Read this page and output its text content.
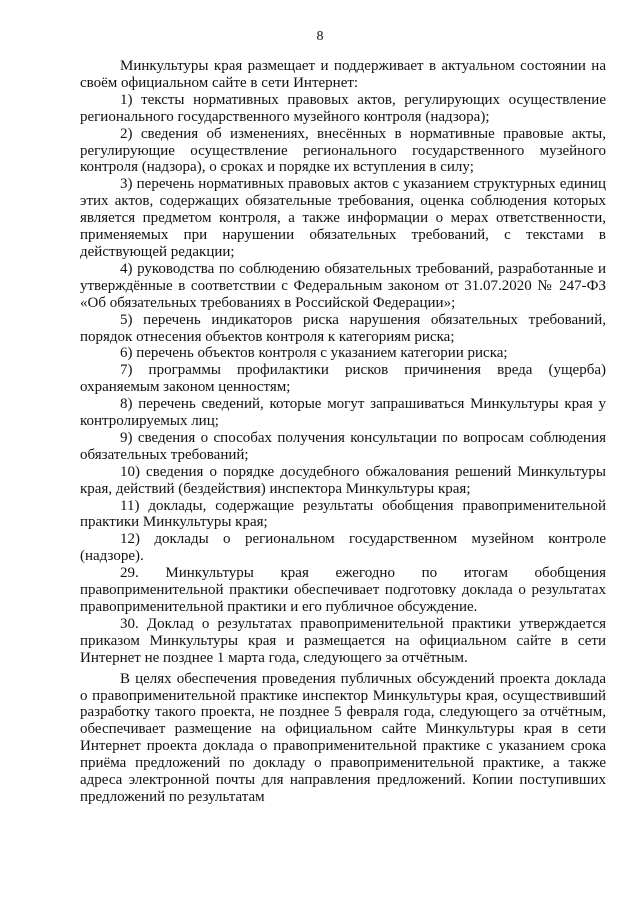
8

Минкультуры края размещает и поддерживает в актуальном состоянии на своём официальном сайте в сети Интернет:

1) тексты нормативных правовых актов, регулирующих осуществление регионального государственного музейного контроля (надзора);

2) сведения об изменениях, внесённых в нормативные правовые акты, регулирующие осуществление регионального государственного музейного контроля (надзора), о сроках и порядке их вступления в силу;

3) перечень нормативных правовых актов с указанием структурных единиц этих актов, содержащих обязательные требования, оценка соблюдения которых является предметом контроля, а также информации о мерах ответственности, применяемых при нарушении обязательных требований, с текстами в действующей редакции;

4) руководства по соблюдению обязательных требований, разработанные и утверждённые в соответствии с Федеральным законом от 31.07.2020 № 247-ФЗ «Об обязательных требованиях в Российской Федерации»;

5) перечень индикаторов риска нарушения обязательных требований, порядок отнесения объектов контроля к категориям риска;

6) перечень объектов контроля с указанием категории риска;

7) программы профилактики рисков причинения вреда (ущерба) охраняемым законом ценностям;

8) перечень сведений, которые могут запрашиваться Минкультуры края у контролируемых лиц;

9) сведения о способах получения консультации по вопросам соблюдения обязательных требований;

10) сведения о порядке досудебного обжалования решений Минкультуры края, действий (бездействия) инспектора Минкультуры края;

11) доклады, содержащие результаты обобщения правоприменительной практики Минкультуры края;

12) доклады о региональном государственном музейном контроле (надзоре).

29. Минкультуры края ежегодно по итогам обобщения правоприменительной практики обеспечивает подготовку доклада о результатах правоприменительной практики и его публичное обсуждение.

30. Доклад о результатах правоприменительной практики утверждается приказом Минкультуры края и размещается на официальном сайте в сети Интернет не позднее 1 марта года, следующего за отчётным.

В целях обеспечения проведения публичных обсуждений проекта доклада о правоприменительной практике инспектор Минкультуры края, осуществивший разработку такого проекта, не позднее 5 февраля года, следующего за отчётным, обеспечивает размещение на официальном сайте Минкультуры края в сети Интернет проекта доклада о правоприменительной практике с указанием срока приёма предложений по докладу о правоприменительной практике, а также адреса электронной почты для направления предложений. Копии поступивших предложений по результатам
